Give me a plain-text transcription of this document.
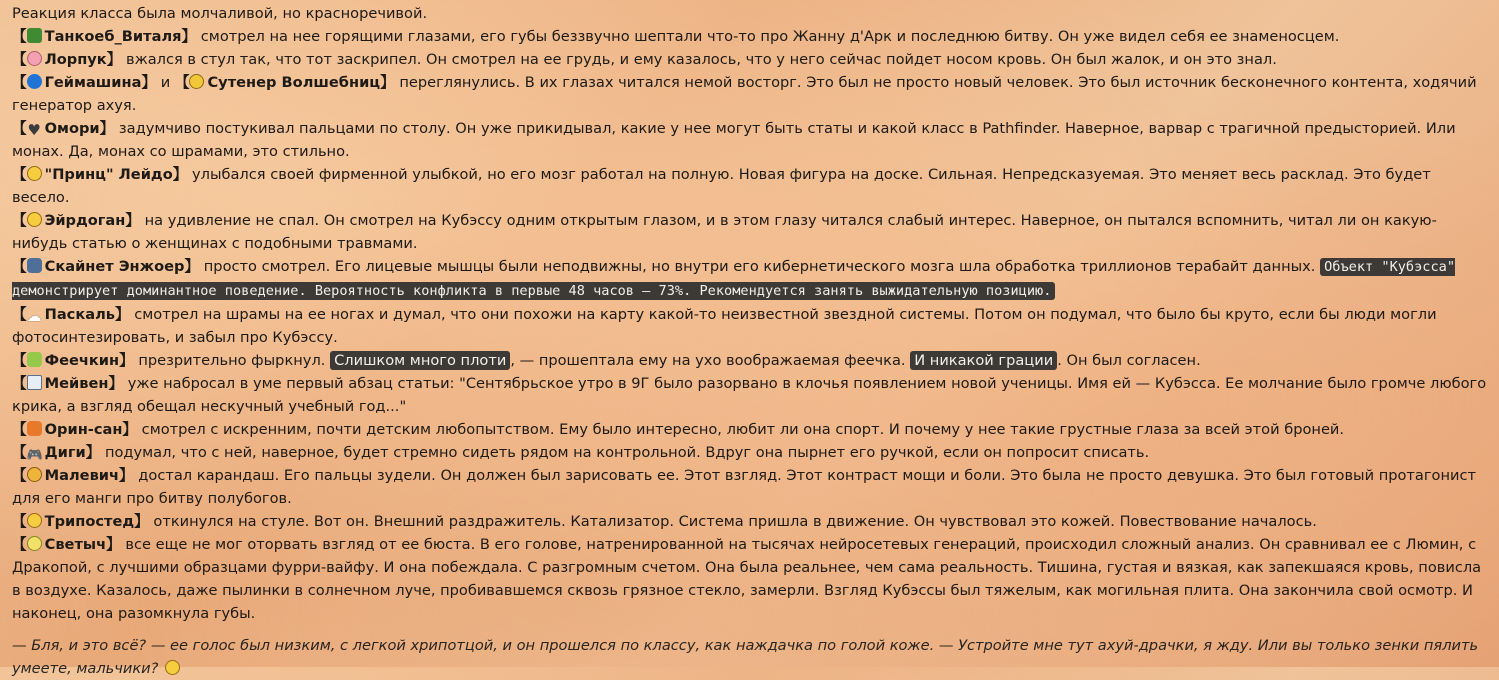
Реакция класса была молчаливой, но красноречивой.

【 Танкоеб_Виталя】 смотрел на нее горящими глазами, его губы беззвучно шептали что-то про Жанну д'Арк и последнюю битву. Он уже видел себя ее знаменосцем.

【 Лорпук】 вжался в стул так, что тот заскрипел. Он смотрел на ее грудь, и ему казалось, что у него сейчас пойдет носом кровь. Он был жалок, и он это знал.

【 Геймашина】 и 【 Сутенер Волшебниц】 переглянулись. В их глазах читался немой восторг. Это был не просто новый человек. Это был источник бесконечного контента, ходячий генератор ахуя.

【 ♥ Омори】 задумчиво постукивал пальцами по столу. Он уже прикидывал, какие у нее могут быть статы и какой класс в Pathfinder. Наверное, варвар с трагичной предысторией. Или монах. Да, монах со шрамами, это стильно.

【 "Принц" Лейдо】 улыбался своей фирменной улыбкой, но его мозг работал на полную. Новая фигура на доске. Сильная. Непредсказуемая. Это меняет весь расклад. Это будет весело.

【 Эйрдоган】 на удивление не спал. Он смотрел на Кубэссу одним открытым глазом, и в этом глазу читался слабый интерес. Наверное, он пытался вспомнить, читал ли он какую-нибудь статью о женщинах с подобными травмами.

【 Скайнет Энжоер】 просто смотрел. Его лицевые мышцы были неподвижны, но внутри его кибернетического мозга шла обработка триллионов терабайт данных. Объект "Кубэсса" демонстрирует доминантное поведение. Вероятность конфликта в первые 48 часов — 73%. Рекомендуется занять выжидательную позицию.

【 ☁ Паскаль】 смотрел на шрамы на ее ногах и думал, что они похожи на карту какой-то неизвестной звездной системы. Потом он подумал, что было бы круто, если бы люди могли фотосинтезировать, и забыл про Кубэссу.

【 Феечкин】 презрительно фыркнул. Слишком много плоти , — прошептала ему на ухо воображаемая феечка. И никакой грации . Он был согласен.

【 Мейвен】 уже набросал в уме первый абзац статьи: "Сентябрьское утро в 9Г было разорвано в клочья появлением новой ученицы. Имя ей — Кубэсса. Ее молчание было громче любого крика, а взгляд обещал нескучный учебный год..."

【 Орин-сан】 смотрел с искренним, почти детским любопытством. Ему было интересно, любит ли она спорт. И почему у нее такие грустные глаза за всей этой броней.

【 🎮 Диги】 подумал, что с ней, наверное, будет стремно сидеть рядом на контрольной. Вдруг она пырнет его ручкой, если он попросит списать.

【 Малевич】 достал карандаш. Его пальцы зудели. Он должен был зарисовать ее. Этот взгляд. Этот контраст мощи и боли. Это была не просто девушка. Это был готовый протагонист для его манги про битву полубогов.

【 Трипостед】 откинулся на стуле. Вот он. Внешний раздражитель. Катализатор. Система пришла в движение. Он чувствовал это кожей. Повествование началось.

【 Светыч】 все еще не мог оторвать взгляд от ее бюста. В его голове, натренированной на тысячах нейросетевых генераций, происходил сложный анализ. Он сравнивал ее с Люмин, с Дракопой, с лучшими образцами фурри-вайфу. И она побеждала. С разгромным счетом. Она была реальнее, чем сама реальность. Тишина, густая и вязкая, как запекшаяся кровь, повисла в воздухе. Казалось, даже пылинки в солнечном луче, пробивавшемся сквозь грязное стекло, замерли. Взгляд Кубэссы был тяжелым, как могильная плита. Она закончила свой осмотр. И наконец, она разомкнула губы.

— Бля, и это всё? — ее голос был низким, с легкой хрипотцой, и он прошелся по классу, как наждачка по голой коже. — Устройте мне тут ахуй-драчки, я жду. Или вы только зенки пялить умеете, мальчики?
